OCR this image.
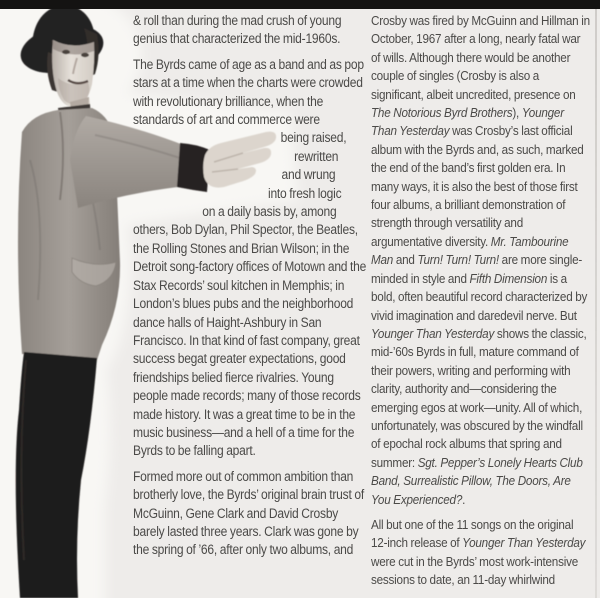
& roll than during the mad crush of young genius that characterized the mid-1960s.
The Byrds came of age as a band and as pop stars at a time when the charts were crowded with revolutionary brilliance, when the standards of art and commerce were
being raised,
rewritten
and wrung
into fresh logic
on a daily basis by, among
others, Bob Dylan, Phil Spector, the Beatles, the Rolling Stones and Brian Wilson; in the Detroit song-factory offices of Motown and the Stax Records’ soul kitchen in Memphis; in London’s blues pubs and the neighborhood dance halls of Haight-Ashbury in San Francisco. In that kind of fast company, great success begat greater expectations, good friendships belied fierce rivalries. Young people made records; many of those records made history. It was a great time to be in the music business—and a hell of a time for the Byrds to be falling apart.
Formed more out of common ambition than brotherly love, the Byrds’ original brain trust of McGuinn, Gene Clark and David Crosby barely lasted three years. Clark was gone by the spring of ’66, after only two albums, and
Crosby was fired by McGuinn and Hillman in October, 1967 after a long, nearly fatal war of wills. Although there would be another couple of singles (Crosby is also a significant, albeit uncredited, presence on The Notorious Byrd Brothers), Younger Than Yesterday was Crosby’s last official album with the Byrds and, as such, marked the end of the band’s first golden era. In many ways, it is also the best of those first four albums, a brilliant demonstration of strength through versatility and argumentative diversity. Mr. Tambourine Man and Turn! Turn! Turn! are more single-minded in style and Fifth Dimension is a bold, often beautiful record characterized by vivid imagination and daredevil nerve. But Younger Than Yesterday shows the classic, mid-’60s Byrds in full, mature command of their powers, writing and performing with clarity, authority and—considering the emerging egos at work—unity. All of which, unfortunately, was obscured by the windfall of epochal rock albums that spring and summer: Sgt. Pepper’s Lonely Hearts Club Band, Surrealistic Pillow, The Doors, Are You Experienced?.
All but one of the 11 songs on the original 12-inch release of Younger Than Yesterday were cut in the Byrds’ most work-intensive sessions to date, an 11-day whirlwind
